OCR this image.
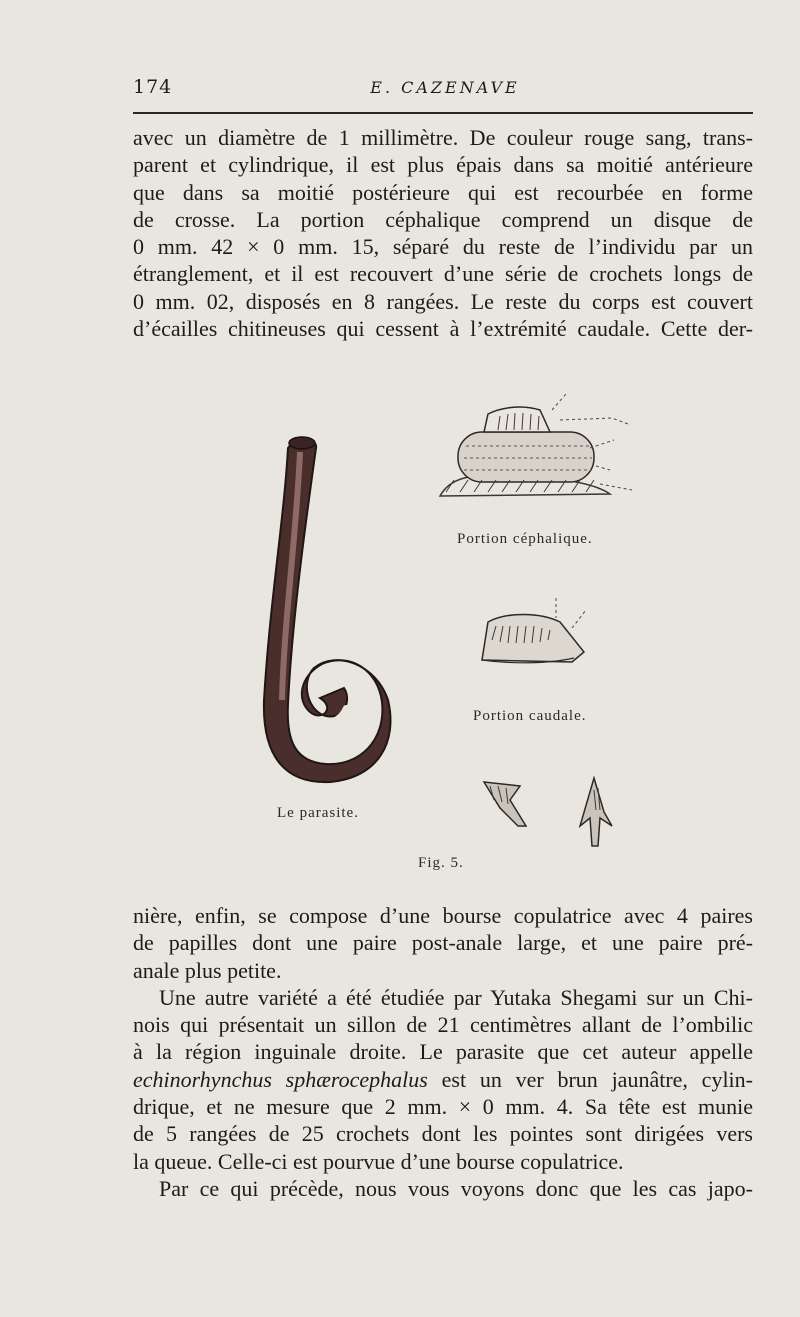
174	E. CAZENAVE
avec un diamètre de 1 millimètre. De couleur rouge sang, trans-
parent et cylindrique, il est plus épais dans sa moitié antérieure
que dans sa moitié postérieure qui est recourbée en forme
de crosse. La portion céphalique comprend un disque de
0 mm. 42 × 0 mm. 15, séparé du reste de l’individu par un
étranglement, et il est recouvert d’une série de crochets longs de
0 mm. 02, disposés en 8 rangées. Le reste du corps est couvert
d’écailles chitineuses qui cessent à l’extrémité caudale. Cette der-
Le parasite.
Portion céphalique.
Portion caudale.
Fig. 5.
nière, enfin, se compose d’une bourse copulatrice avec 4 paires
de papilles dont une paire post-anale large, et une paire pré-
anale plus petite.
Une autre variété a été étudiée par Yutaka Shegami sur un Chi-
nois qui présentait un sillon de 21 centimètres allant de l’ombilic
à la région inguinale droite. Le parasite que cet auteur appelle
echinorhynchus sphærocephalus est un ver brun jaunâtre, cylin-
drique, et ne mesure que 2 mm. × 0 mm. 4. Sa tête est munie
de 5 rangées de 25 crochets dont les pointes sont dirigées vers
la queue. Celle-ci est pourvue d’une bourse copulatrice.
Par ce qui précède, nous vous voyons donc que les cas japo-
